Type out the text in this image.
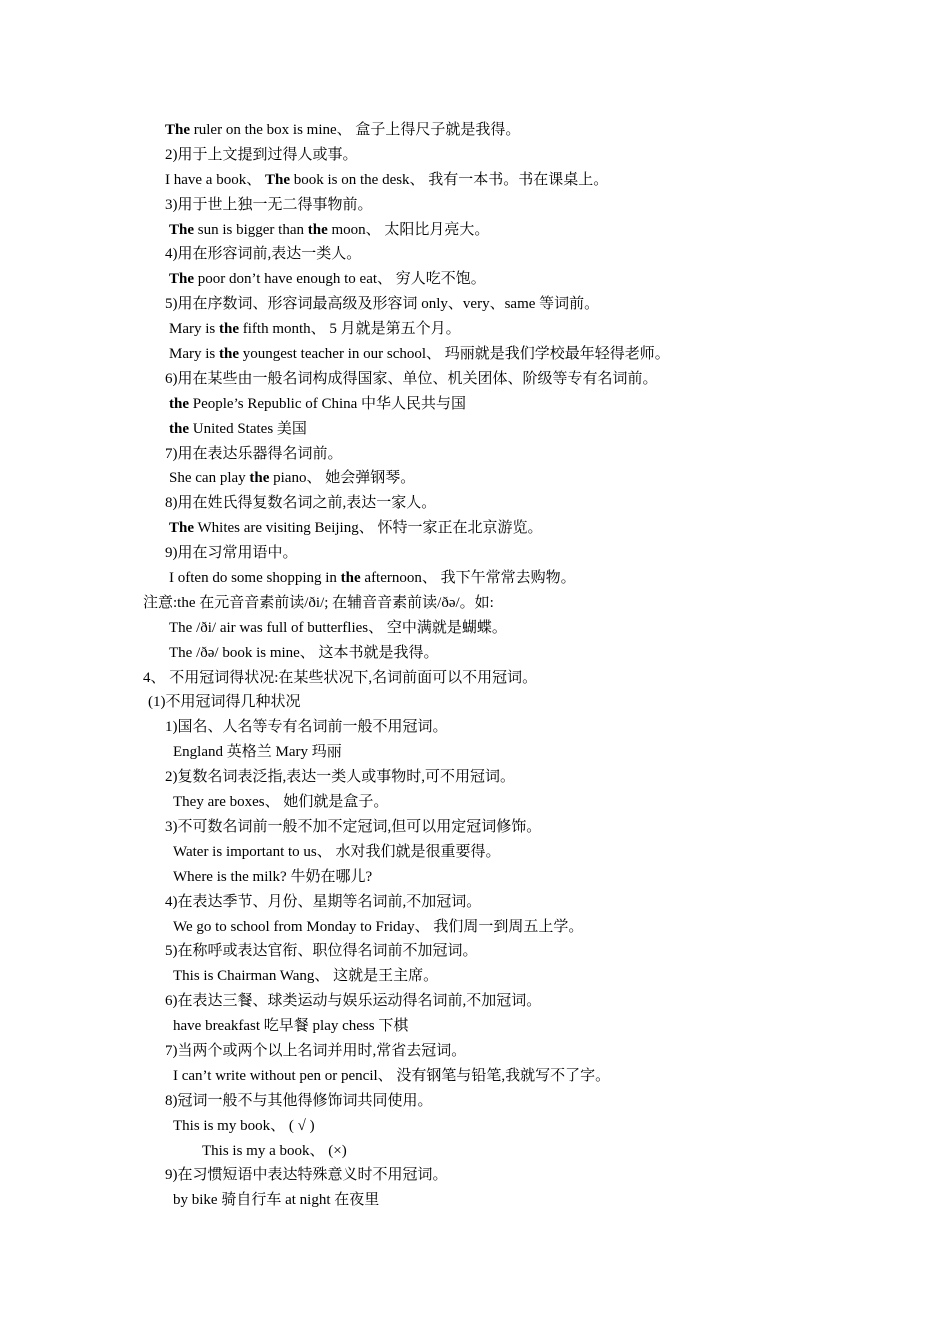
The ruler on the box is mine、 盒子上得尺子就是我得。
2)用于上文提到过得人或事。
I have a book、 The book is on the desk、 我有一本书。书在课桌上。
3)用于世上独一无二得事物前。
The sun is bigger than the moon、 太阳比月亮大。
4)用在形容词前,表达一类人。
The poor don’t have enough to eat、 穷人吃不饱。
5)用在序数词、形容词最高级及形容词 only、very、same 等词前。
Mary is the fifth month、 5 月就是第五个月。
Mary is the youngest teacher in our school、 玛丽就是我们学校最年轻得老师。
6)用在某些由一般名词构成得国家、单位、机关团体、阶级等专有名词前。
the People’s Republic of China 中华人民共与国
the United States 美国
7)用在表达乐器得名词前。
She can play the piano、 她会弹钢琴。
8)用在姓氏得复数名词之前,表达一家人。
The Whites are visiting Beijing、 怀特一家正在北京游览。
9)用在习常用语中。
I often do some shopping in the afternoon、 我下午常常去购物。
注意:the 在元音音素前读/ði/; 在辅音音素前读/ðə/。如:
The /ði/ air was full of butterflies、 空中满就是蝴蝶。
The /ðə/ book is mine、 这本书就是我得。
4、 不用冠词得状况:在某些状况下,名词前面可以不用冠词。
(1)不用冠词得几种状况
1)国名、人名等专有名词前一般不用冠词。
England 英格兰 Mary 玛丽
2)复数名词表泛指,表达一类人或事物时,可不用冠词。
They are boxes、 她们就是盒子。
3)不可数名词前一般不加不定冠词,但可以用定冠词修饰。
Water is important to us、 水对我们就是很重要得。
Where is the milk? 牛奶在哪儿?
4)在表达季节、月份、星期等名词前,不加冠词。
We go to school from Monday to Friday、 我们周一到周五上学。
5)在称呼或表达官衔、职位得名词前不加冠词。
This is Chairman Wang、 这就是王主席。
6)在表达三餐、球类运动与娱乐运动得名词前,不加冠词。
have breakfast 吃早餐 play chess 下棋
7)当两个或两个以上名词并用时,常省去冠词。
I can’t write without pen or pencil、 没有钢笔与铅笔,我就写不了字。
8)冠词一般不与其他得修饰词共同使用。
This is my book、 ( √ )
This is my a book、 (×)
9)在习惯短语中表达特殊意义时不用冠词。
by bike 骑自行车 at night 在夜里
